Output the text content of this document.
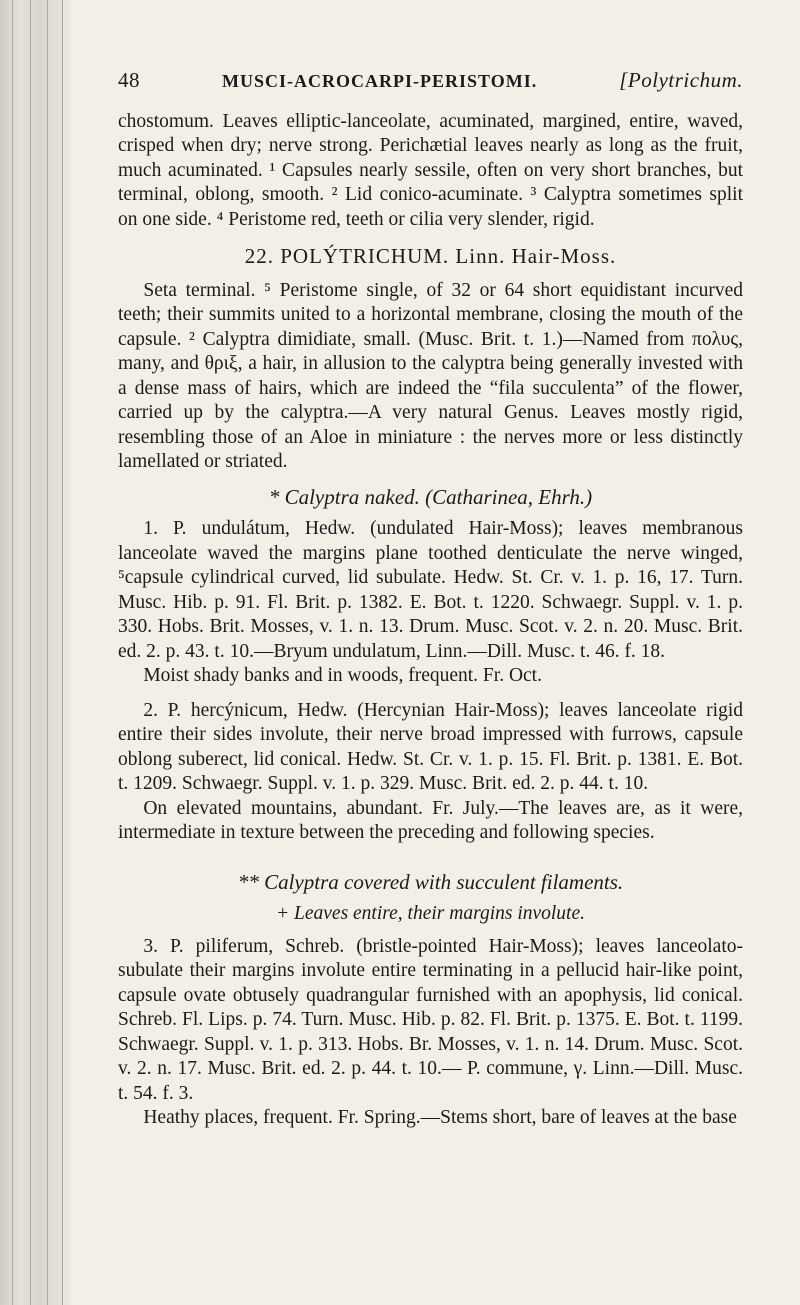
48	MUSCI-ACROCARPI-PERISTOMI.	[Polytrichum.

chostomum. Leaves elliptic-lanceolate, acuminated, margined, entire, waved, crisped when dry; nerve strong. Perichætial leaves nearly as long as the fruit, much acuminated. ¹ Capsules nearly sessile, often on very short branches, but terminal, oblong, smooth. ² Lid conico-acuminate. ³ Calyptra sometimes split on one side. ⁴ Peristome red, teeth or cilia very slender, rigid.

22. POLÝTRICHUM. Linn. Hair-Moss.

Seta terminal. ⁵ Peristome single, of 32 or 64 short equidistant incurved teeth; their summits united to a horizontal membrane, closing the mouth of the capsule. ² Calyptra dimidiate, small. (Musc. Brit. t. 1.)—Named from πολυς, many, and θριξ, a hair, in allusion to the calyptra being generally invested with a dense mass of hairs, which are indeed the “fila succulenta” of the flower, carried up by the calyptra.—A very natural Genus. Leaves mostly rigid, resembling those of an Aloe in miniature : the nerves more or less distinctly lamellated or striated.

* Calyptra naked. (Catharinea, Ehrh.)

1. P. undulátum, Hedw. (undulated Hair-Moss); leaves membranous lanceolate waved the margins plane toothed denticulate the nerve winged, ⁵capsule cylindrical curved, lid subulate. Hedw. St. Cr. v. 1. p. 16, 17. Turn. Musc. Hib. p. 91. Fl. Brit. p. 1382. E. Bot. t. 1220. Schwaegr. Suppl. v. 1. p. 330. Hobs. Brit. Mosses, v. 1. n. 13. Drum. Musc. Scot. v. 2. n. 20. Musc. Brit. ed. 2. p. 43. t. 10.—Bryum undulatum, Linn.—Dill. Musc. t. 46. f. 18.

Moist shady banks and in woods, frequent. Fr. Oct.

2. P. hercýnicum, Hedw. (Hercynian Hair-Moss); leaves lanceolate rigid entire their sides involute, their nerve broad impressed with furrows, capsule oblong suberect, lid conical. Hedw. St. Cr. v. 1. p. 15. Fl. Brit. p. 1381. E. Bot. t. 1209. Schwaegr. Suppl. v. 1. p. 329. Musc. Brit. ed. 2. p. 44. t. 10.

On elevated mountains, abundant. Fr. July.—The leaves are, as it were, intermediate in texture between the preceding and following species.

** Calyptra covered with succulent filaments.
+ Leaves entire, their margins involute.

3. P. piliferum, Schreb. (bristle-pointed Hair-Moss); leaves lanceolato-subulate their margins involute entire terminating in a pellucid hair-like point, capsule ovate obtusely quadrangular furnished with an apophysis, lid conical. Schreb. Fl. Lips. p. 74. Turn. Musc. Hib. p. 82. Fl. Brit. p. 1375. E. Bot. t. 1199. Schwaegr. Suppl. v. 1. p. 313. Hobs. Br. Mosses, v. 1. n. 14. Drum. Musc. Scot. v. 2. n. 17. Musc. Brit. ed. 2. p. 44. t. 10.— P. commune, γ. Linn.—Dill. Musc. t. 54. f. 3.

Heathy places, frequent. Fr. Spring.—Stems short, bare of leaves at the base
